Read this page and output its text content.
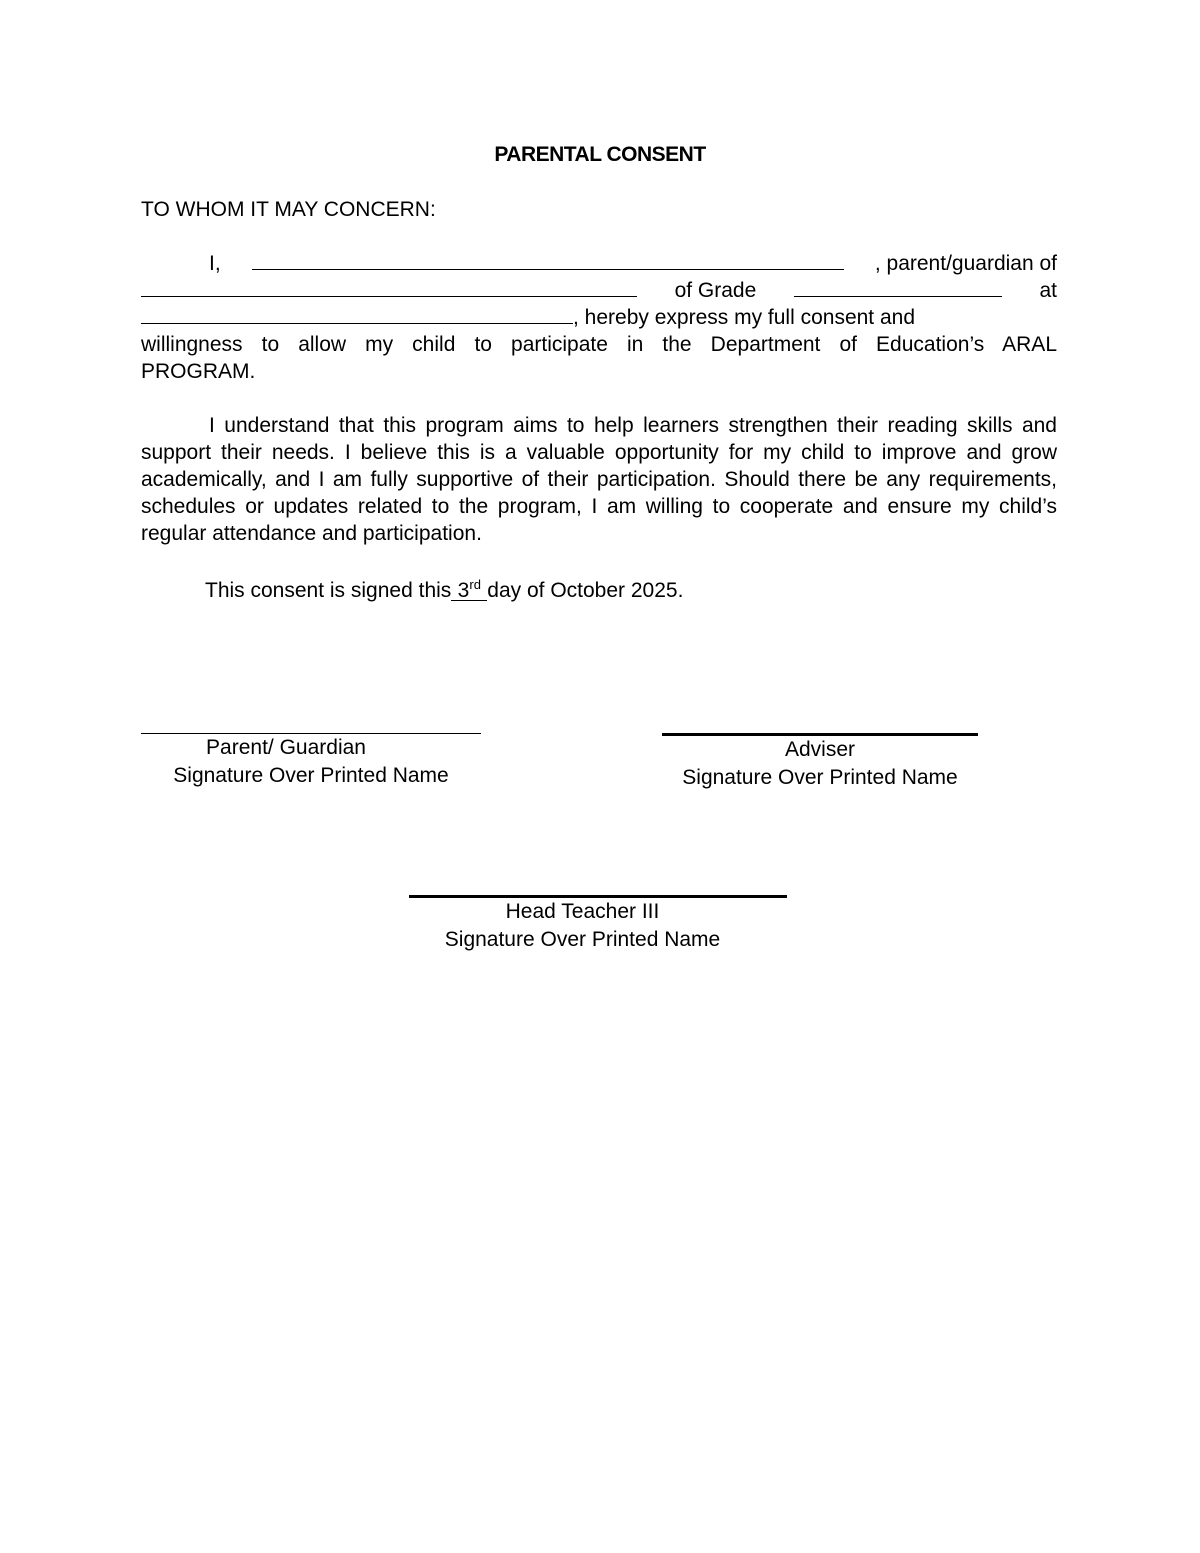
PARENTAL CONSENT
TO WHOM IT MAY CONCERN:
I,	, parent/guardian of
of Grade	at
, hereby express my full consent and
willingness to allow my child to participate in the Department of Education’s ARAL
PROGRAM.

I understand that this program aims to help learners strengthen their reading skills and support their needs. I believe this is a valuable opportunity for my child to improve and grow academically, and I am fully supportive of their participation. Should there be any requirements, schedules or updates related to the program, I am willing to cooperate and ensure my child’s regular attendance and participation.

This consent is signed this 3rd day of October 2025.
Parent/ Guardian
Signature Over Printed Name
Adviser
Signature Over Printed Name
Head Teacher III
Signature Over Printed Name
